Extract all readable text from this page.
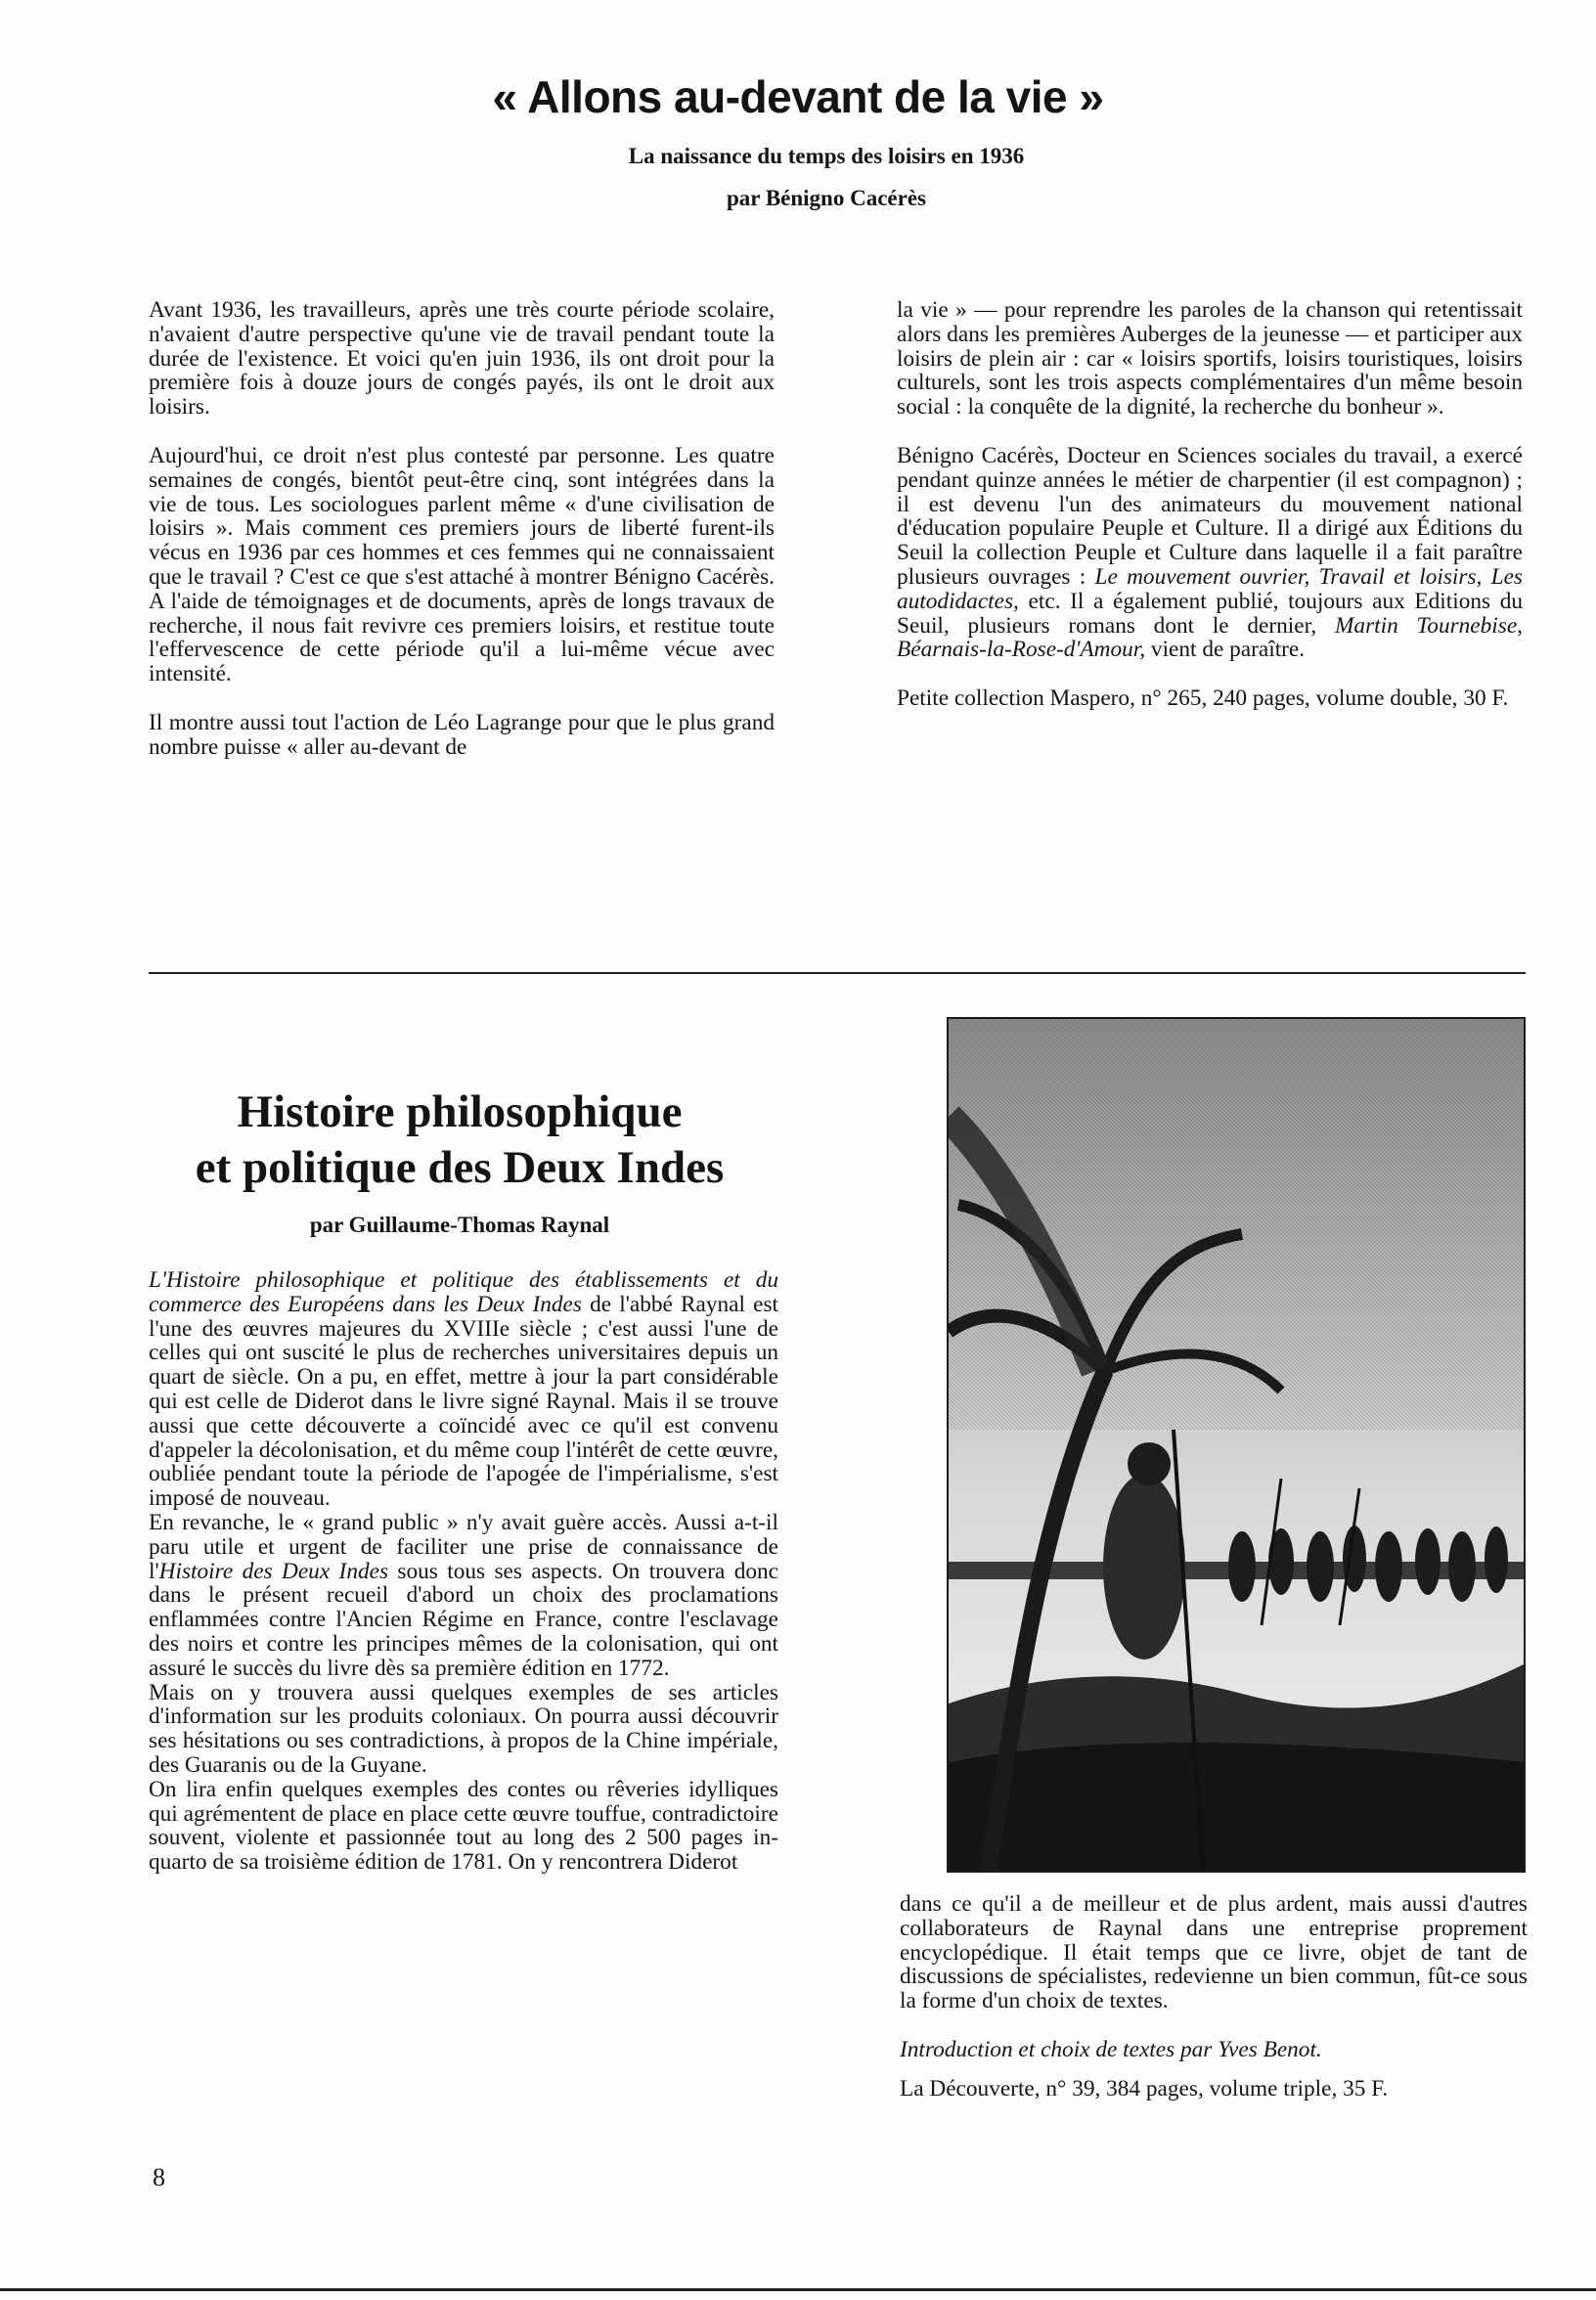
« Allons au-devant de la vie »
La naissance du temps des loisirs en 1936
par Bénigno Cacérès

Avant 1936, les travailleurs, après une très courte période scolaire, n'avaient d'autre perspective qu'une vie de travail pendant toute la durée de l'existence. Et voici qu'en juin 1936, ils ont droit pour la première fois à douze jours de congés payés, ils ont le droit aux loisirs.

Aujourd'hui, ce droit n'est plus contesté par personne. Les quatre semaines de congés, bientôt peut-être cinq, sont intégrées dans la vie de tous. Les sociologues parlent même « d'une civilisation de loisirs ». Mais comment ces premiers jours de liberté furent-ils vécus en 1936 par ces hommes et ces femmes qui ne connaissaient que le travail ? C'est ce que s'est attaché à montrer Bénigno Cacérès. A l'aide de témoignages et de documents, après de longs travaux de recherche, il nous fait revivre ces premiers loisirs, et restitue toute l'effervescence de cette période qu'il a lui-même vécue avec intensité.

Il montre aussi tout l'action de Léo Lagrange pour que le plus grand nombre puisse « aller au-devant de

la vie » — pour reprendre les paroles de la chanson qui retentissait alors dans les premières Auberges de la jeunesse — et participer aux loisirs de plein air : car « loisirs sportifs, loisirs touristiques, loisirs culturels, sont les trois aspects complémentaires d'un même besoin social : la conquête de la dignité, la recherche du bonheur ».

Bénigno Cacérès, Docteur en Sciences sociales du travail, a exercé pendant quinze années le métier de charpentier (il est compagnon) ; il est devenu l'un des animateurs du mouvement national d'éducation populaire Peuple et Culture. Il a dirigé aux Éditions du Seuil la collection Peuple et Culture dans laquelle il a fait paraître plusieurs ouvrages : Le mouvement ouvrier, Travail et loisirs, Les autodidactes, etc. Il a également publié, toujours aux Editions du Seuil, plusieurs romans dont le dernier, Martin Tournebise, Béarnais-la-Rose-d'Amour, vient de paraître.

Petite collection Maspero, n° 265, 240 pages, volume double, 30 F.

Histoire philosophique
et politique des Deux Indes
par Guillaume-Thomas Raynal

L'Histoire philosophique et politique des établissements et du commerce des Européens dans les Deux Indes de l'abbé Raynal est l'une des œuvres majeures du XVIIIe siècle ; c'est aussi l'une de celles qui ont suscité le plus de recherches universitaires depuis un quart de siècle. On a pu, en effet, mettre à jour la part considérable qui est celle de Diderot dans le livre signé Raynal. Mais il se trouve aussi que cette découverte a coïncidé avec ce qu'il est convenu d'appeler la décolonisation, et du même coup l'intérêt de cette œuvre, oubliée pendant toute la période de l'apogée de l'impérialisme, s'est imposé de nouveau.

En revanche, le « grand public » n'y avait guère accès. Aussi a-t-il paru utile et urgent de faciliter une prise de connaissance de l'Histoire des Deux Indes sous tous ses aspects. On trouvera donc dans le présent recueil d'abord un choix des proclamations enflammées contre l'Ancien Régime en France, contre l'esclavage des noirs et contre les principes mêmes de la colonisation, qui ont assuré le succès du livre dès sa première édition en 1772.

Mais on y trouvera aussi quelques exemples de ses articles d'information sur les produits coloniaux. On pourra aussi découvrir ses hésitations ou ses contradictions, à propos de la Chine impériale, des Guaranis ou de la Guyane.

On lira enfin quelques exemples des contes ou rêveries idylliques qui agrémentent de place en place cette œuvre touffue, contradictoire souvent, violente et passionnée tout au long des 2 500 pages in-quarto de sa troisième édition de 1781. On y rencontrera Diderot

dans ce qu'il a de meilleur et de plus ardent, mais aussi d'autres collaborateurs de Raynal dans une entreprise proprement encyclopédique. Il était temps que ce livre, objet de tant de discussions de spécialistes, redevienne un bien commun, fût-ce sous la forme d'un choix de textes.

Introduction et choix de textes par Yves Benot.

La Découverte, n° 39, 384 pages, volume triple, 35 F.

8
